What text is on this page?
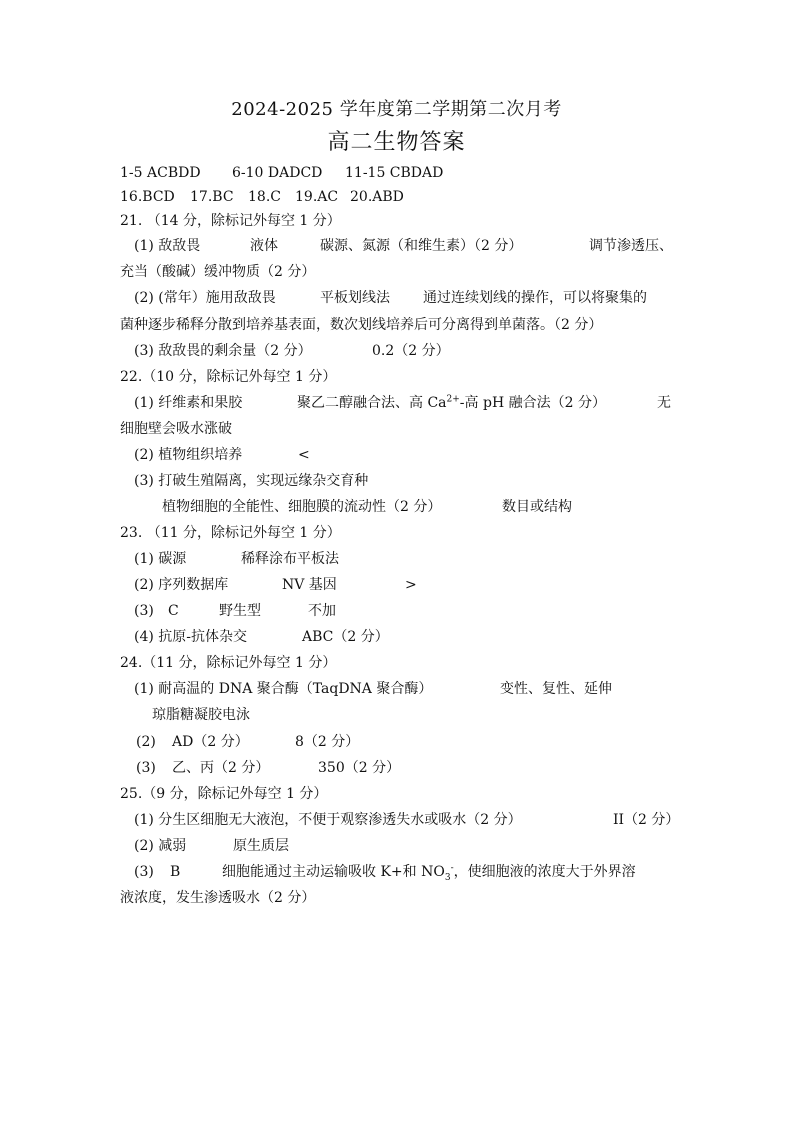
2024-2025 学年度第二学期第二次月考
高二生物答案
1-5 ACBDD 6-10 DADCD 11-15 CBDAD
16.BCD 17.BC 18.C 19.AC 20.ABD
21. （14 分，除标记外每空 1 分）
(1) 敌敌畏	液体	碳源、氮源（和维生素）（2 分）	调节渗透压、
充当（酸碱）缓冲物质（2 分）
(2) (常年）施用敌敌畏	平板划线法 通过连续划线的操作，可以将聚集的
菌种逐步稀释分散到培养基表面，数次划线培养后可分离得到单菌落。（2 分）
(3) 敌敌畏的剩余量（2 分）	0.2（2 分）
22.（10 分，除标记外每空 1 分）
(1) 纤维素和果胶	聚乙二醇融合法、高 $Ca^{2+}-$高 pH 融合法（2 分）	无
细胞壁会吸水涨破
(2) 植物组织培养	<
(3) 打破生殖隔离，实现远缘杂交育种
植物细胞的全能性、细胞膜的流动性（2 分）	数目或结构
23. （11 分，除标记外每空 1 分）
(1) 碳源	稀释涂布平板法
(2) 序列数据库	NV 基因	>
(3) C	野生型	不加
(4) 抗原-抗体杂交	ABC（2 分）
24.（11 分，除标记外每空 1 分）
(1) 耐高温的 DNA 聚合酶（TaqDNA 聚合酶）	变性、复性、延伸
琼脂糖凝胶电泳
(2) AD（2 分）	8（2 分）
(3) 乙、丙（2 分）	350（2 分）
25.（9 分，除标记外每空 1 分）
(1) 分生区细胞无大液泡，不便于观察渗透失水或吸水（2 分）	II（2 分）
(2) 减弱	原生质层
(3) B	细胞能通过主动运输吸收 K+和 $NO_3^-$，使细胞液的浓度大于外界溶
液浓度，发生渗透吸水（2 分）
